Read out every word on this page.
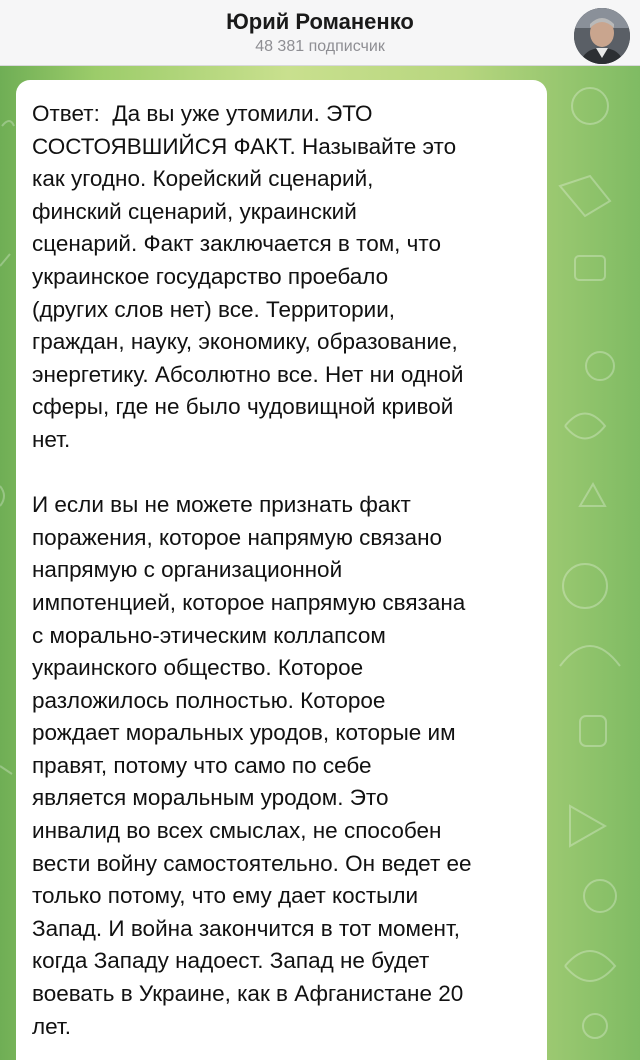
Юрий Романенко
48 381 подписчик

Ответ:  Да вы уже утомили. ЭТО
СОСТОЯВШИЙСЯ ФАКТ. Называйте это
как угодно. Корейский сценарий,
финский сценарий, украинский
сценарий. Факт заключается в том, что
украинское государство проебало
(других слов нет) все. Территории,
граждан, науку, экономику, образование,
энергетику. Абсолютно все. Нет ни одной
сферы, где не было чудовищной кривой
нет.

И если вы не можете признать факт
поражения, которое напрямую связано
напрямую с организационной
импотенцией, которое напрямую связана
с морально-этическим коллапсом
украинского общество. Которое
разложилось полностью. Которое
рождает моральных уродов, которые им
правят, потому что само по себе
является моральным уродом. Это
инвалид во всех смыслах, не способен
вести войну самостоятельно. Он ведет ее
только потому, что ему дает костыли
Запад. И война закончится в тот момент,
когда Западу надоест. Запад не будет
воевать в Украине, как в Афганистане 20
лет.
